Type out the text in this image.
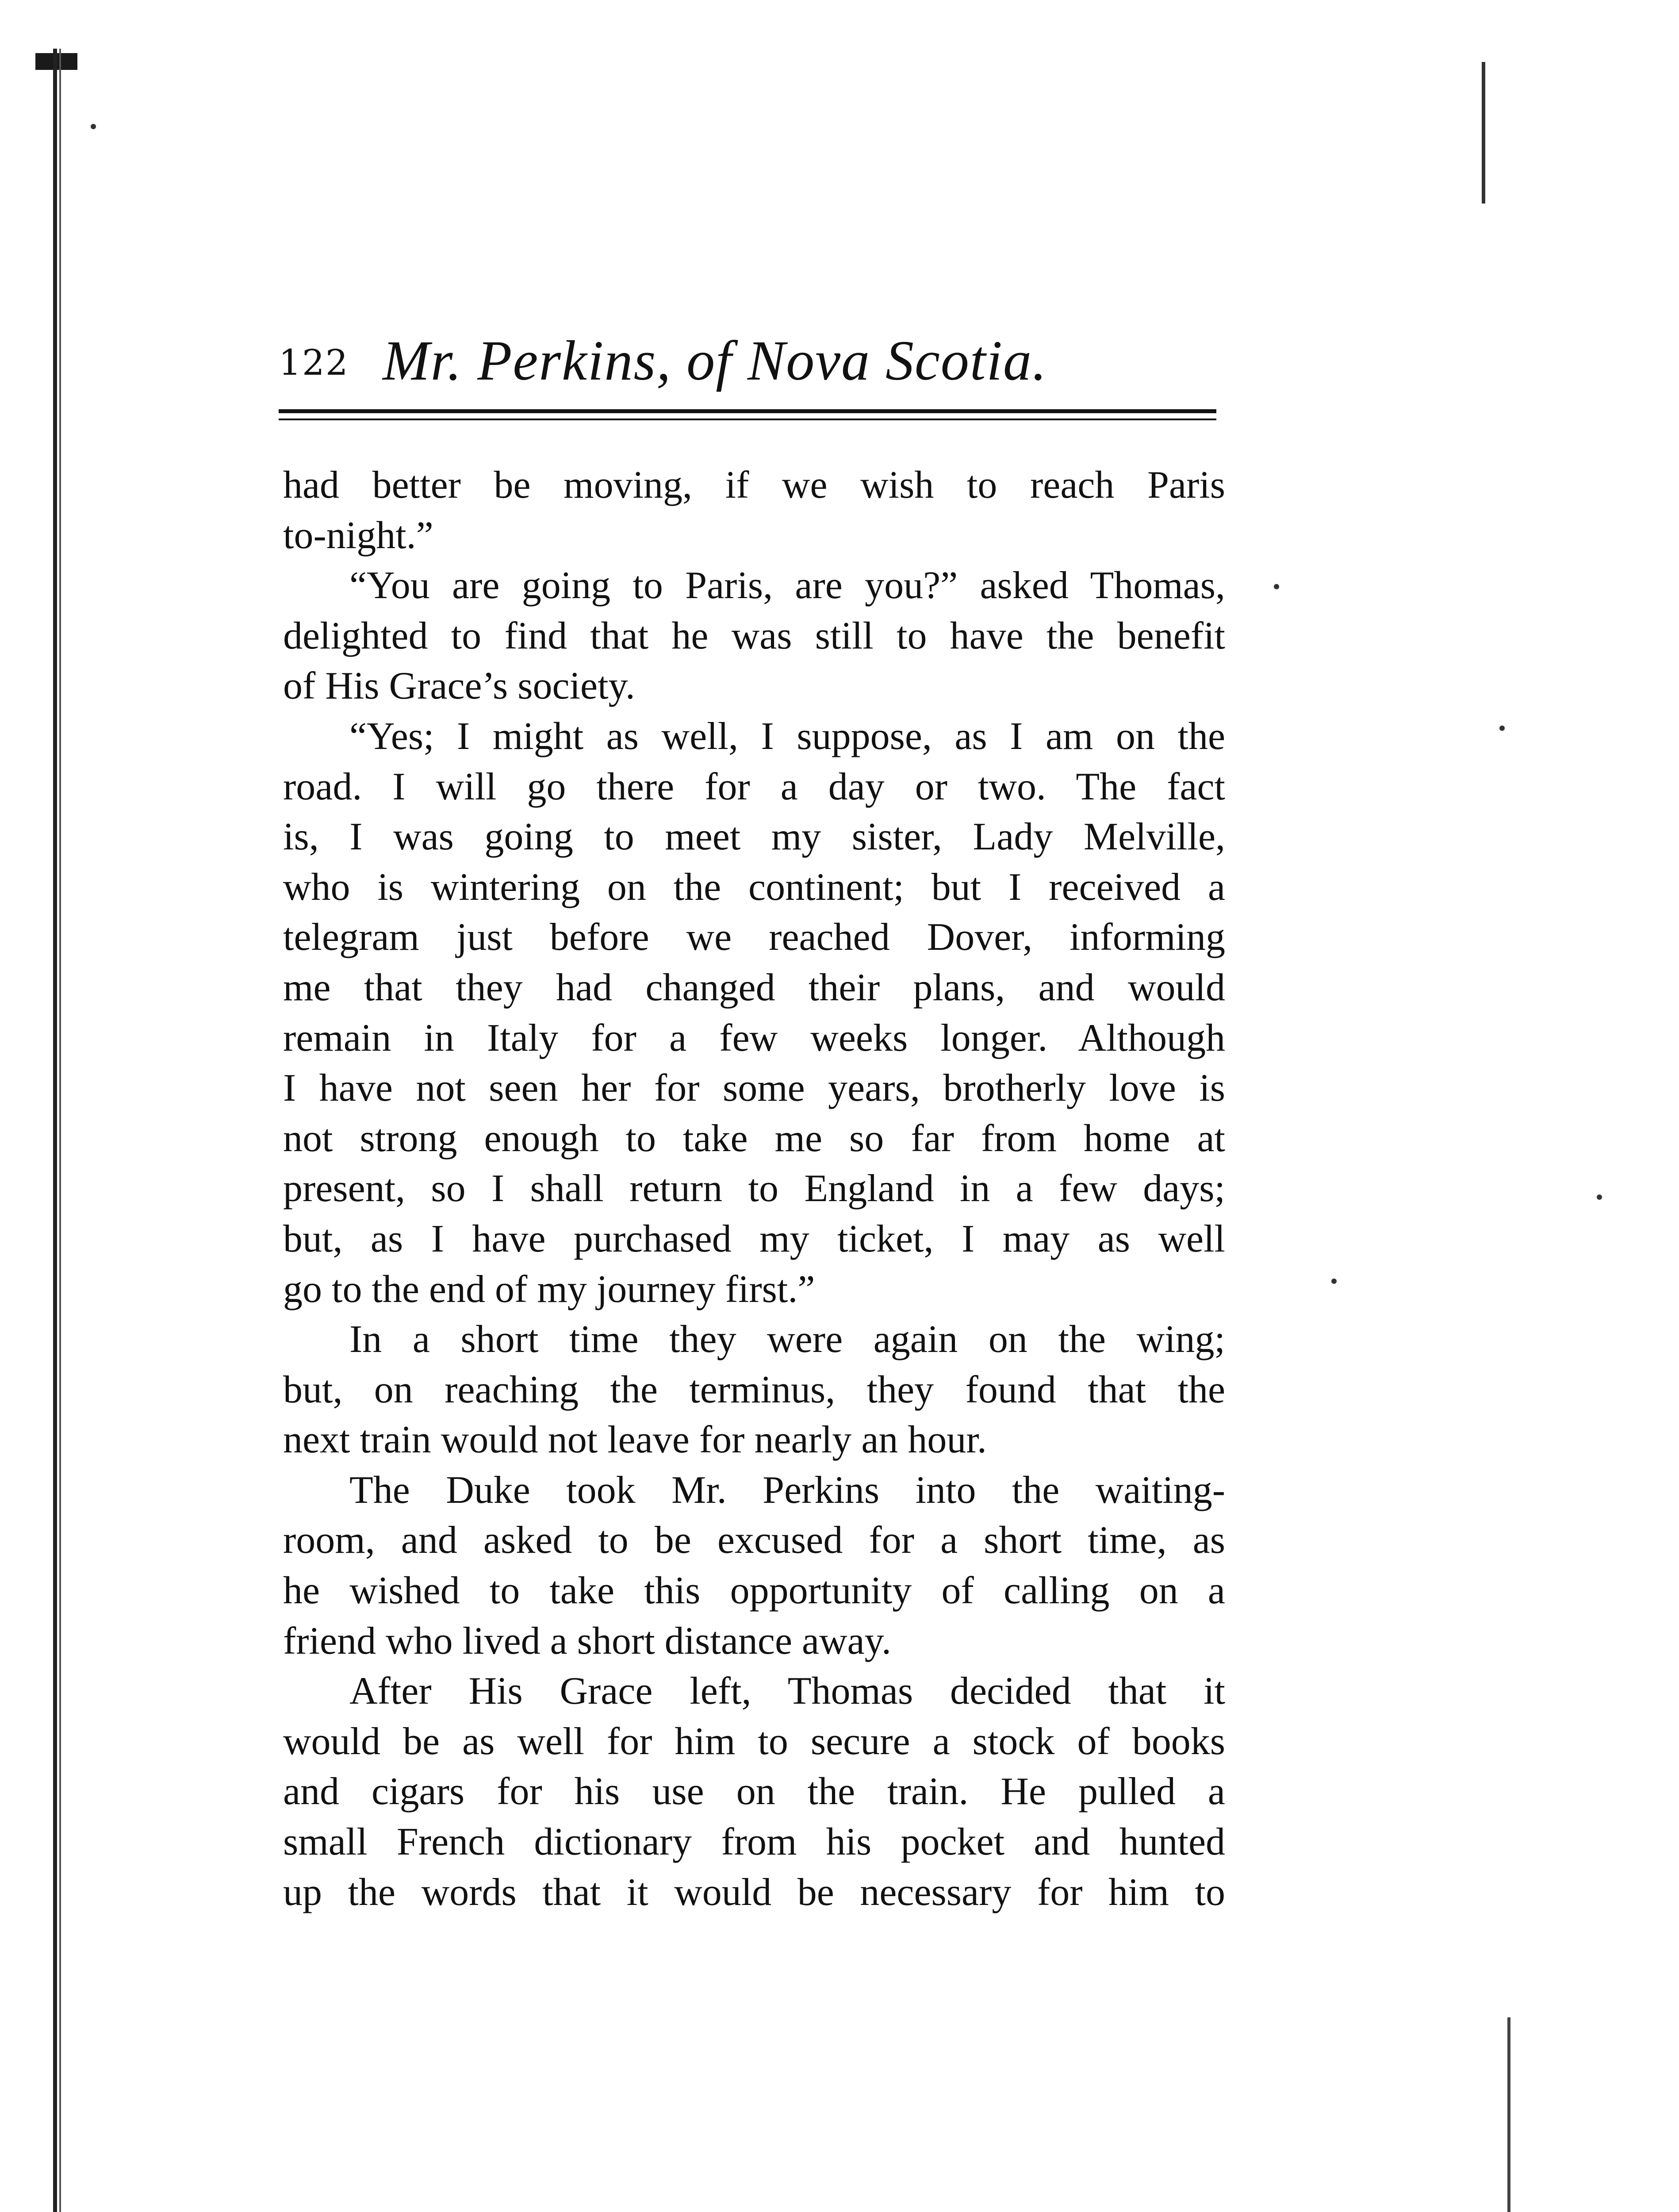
122 Mr. Perkins, of Nova Scotia.
had better be moving, if we wish to reach Paris
to-night.”
“You are going to Paris, are you?” asked Thomas,
delighted to find that he was still to have the benefit
of His Grace’s society.
“Yes; I might as well, I suppose, as I am on the
road. I will go there for a day or two. The fact
is, I was going to meet my sister, Lady Melville,
who is wintering on the continent; but I received a
telegram just before we reached Dover, informing
me that they had changed their plans, and would
remain in Italy for a few weeks longer. Although
I have not seen her for some years, brotherly love is
not strong enough to take me so far from home at
present, so I shall return to England in a few days;
but, as I have purchased my ticket, I may as well
go to the end of my journey first.”
In a short time they were again on the wing;
but, on reaching the terminus, they found that the
next train would not leave for nearly an hour.
The Duke took Mr. Perkins into the waiting-
room, and asked to be excused for a short time, as
he wished to take this opportunity of calling on a
friend who lived a short distance away.
After His Grace left, Thomas decided that it
would be as well for him to secure a stock of books
and cigars for his use on the train. He pulled a
small French dictionary from his pocket and hunted
up the words that it would be necessary for him to
